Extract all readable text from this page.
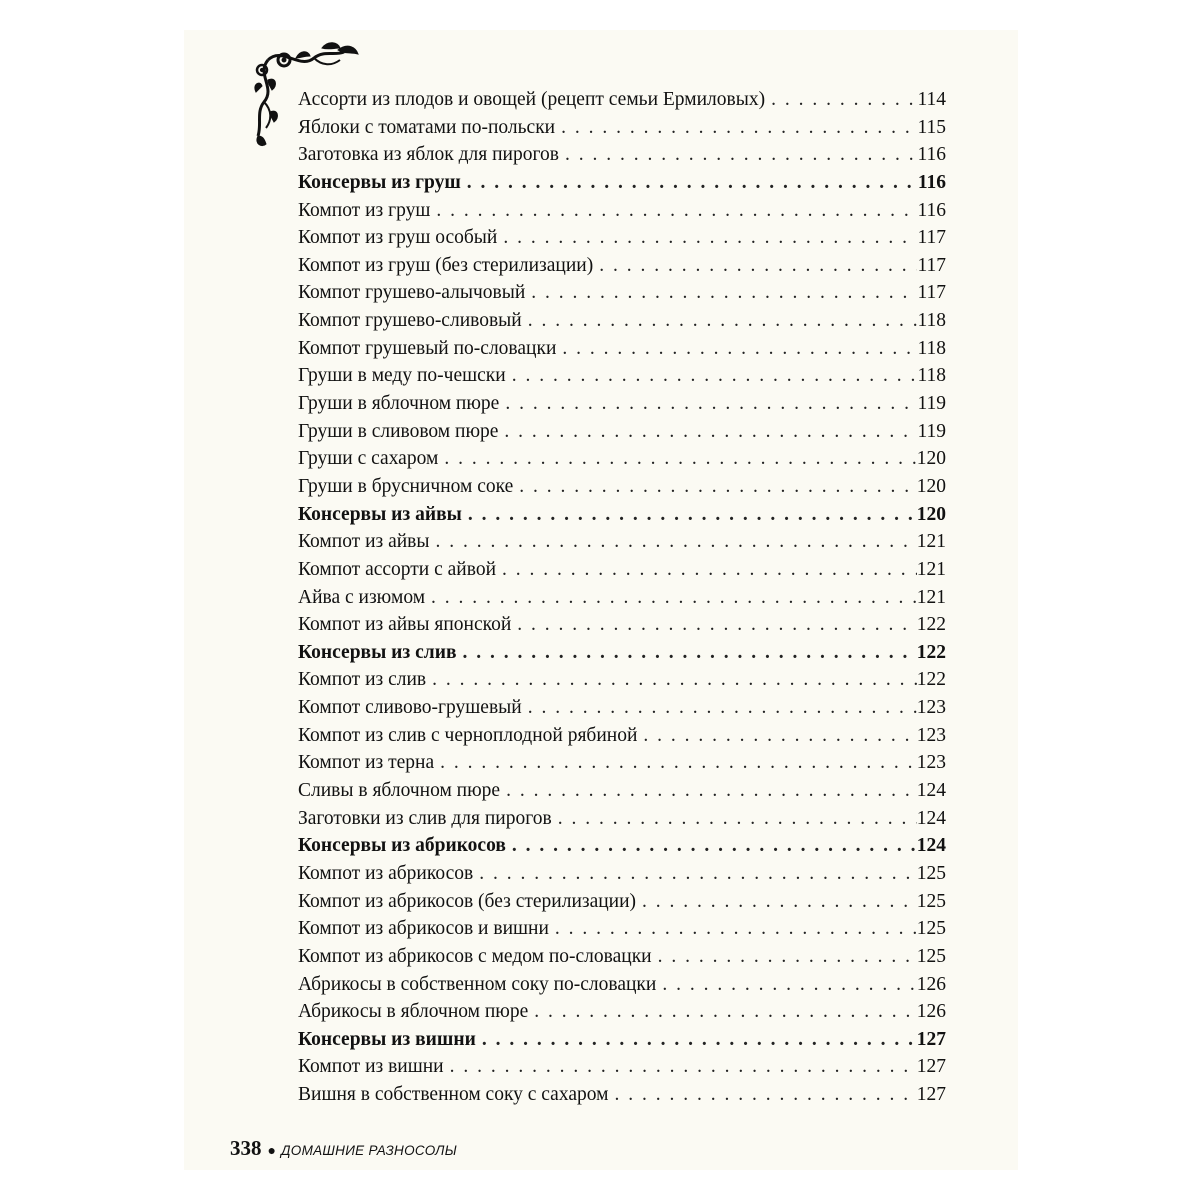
Ассорти из плодов и овощей (рецепт семьи Ермиловых) . . .	114
Яблоки с томатами по-польски . . .	115
Заготовка из яблок для пирогов . . .	116
Консервы из груш . . .	116
Компот из груш . . .	116
Компот из груш особый . . .	117
Компот из груш (без стерилизации) . . .	117
Компот грушево-алычовый . . .	117
Компот грушево-сливовый . . .	118
Компот грушевый по-словацки . . .	118
Груши в меду по-чешски . . .	118
Груши в яблочном пюре . . .	119
Груши в сливовом пюре . . .	119
Груши с сахаром . . .	120
Груши в брусничном соке . . .	120
Консервы из айвы . . .	120
Компот из айвы . . .	121
Компот ассорти с айвой . . .	121
Айва с изюмом . . .	121
Компот из айвы японской . . .	122
Консервы из слив . . .	122
Компот из слив . . .	122
Компот сливово-грушевый . . .	123
Компот из слив с черноплодной рябиной . . .	123
Компот из терна . . .	123
Сливы в яблочном пюре . . .	124
Заготовки из слив для пирогов . . .	124
Консервы из абрикосов . . .	124
Компот из абрикосов . . .	125
Компот из абрикосов (без стерилизации) . . .	125
Компот из абрикосов и вишни . . .	125
Компот из абрикосов с медом по-словацки . . .	125
Абрикосы в собственном соку по-словацки . . .	126
Абрикосы в яблочном пюре . . .	126
Консервы из вишни . . .	127
Компот из вишни . . .	127
Вишня в собственном соку с сахаром . . .	127
338 ● ДОМАШНИЕ РАЗНОСОЛЫ
